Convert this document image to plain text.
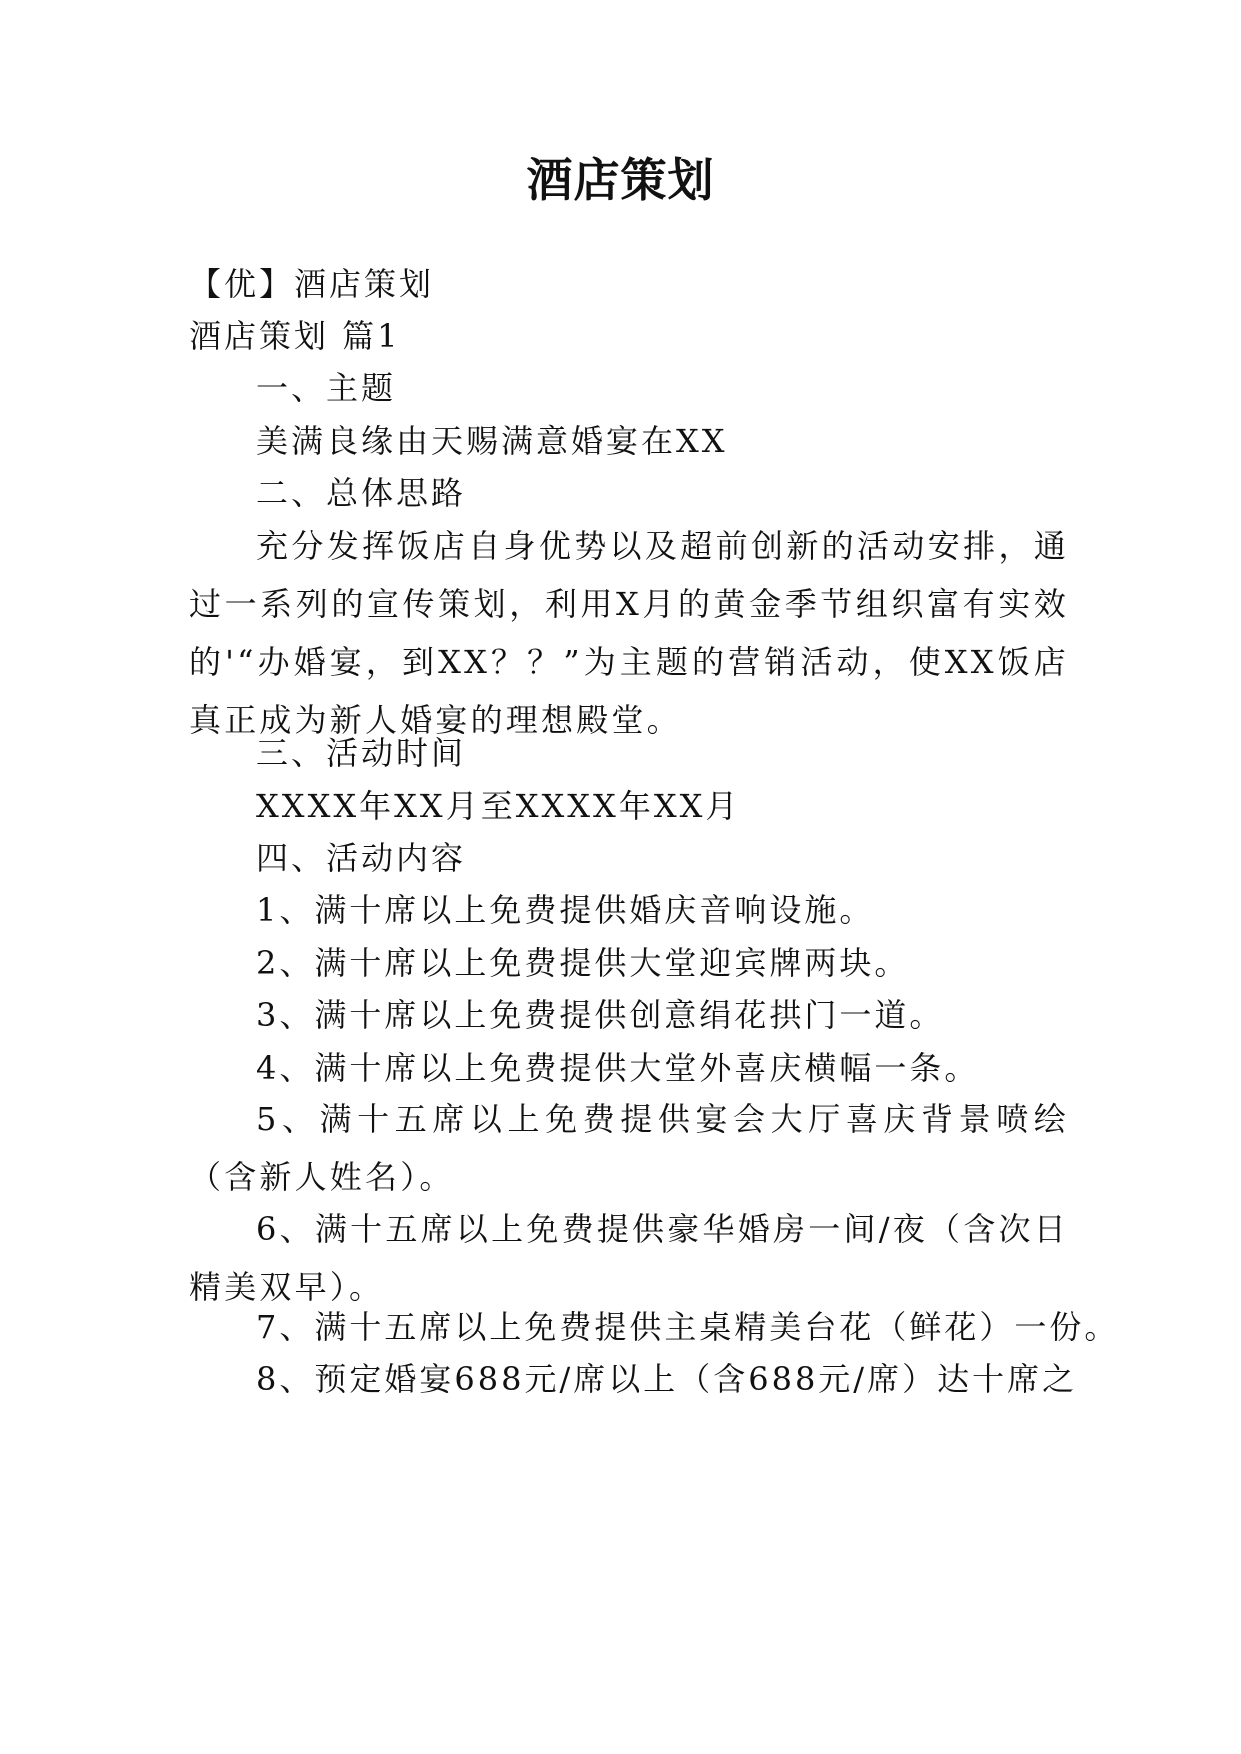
酒店策划
【优】酒店策划
酒店策划 篇1
一、主题
美满良缘由天赐满意婚宴在XX
二、总体思路
充分发挥饭店自身优势以及超前创新的活动安排，通过一系列的宣传策划，利用X月的黄金季节组织富有实效的'“办婚宴，到XX？？”为主题的营销活动，使XX饭店真正成为新人婚宴的理想殿堂。
三、活动时间
XXXX年XX月至XXXX年XX月
四、活动内容
1、满十席以上免费提供婚庆音响设施。
2、满十席以上免费提供大堂迎宾牌两块。
3、满十席以上免费提供创意绢花拱门一道。
4、满十席以上免费提供大堂外喜庆横幅一条。
5、满十五席以上免费提供宴会大厅喜庆背景喷绘（含新人姓名）。
6、满十五席以上免费提供豪华婚房一间/夜（含次日精美双早）。
7、满十五席以上免费提供主桌精美台花（鲜花）一份。
8、预定婚宴688元/席以上（含688元/席）达十席之
